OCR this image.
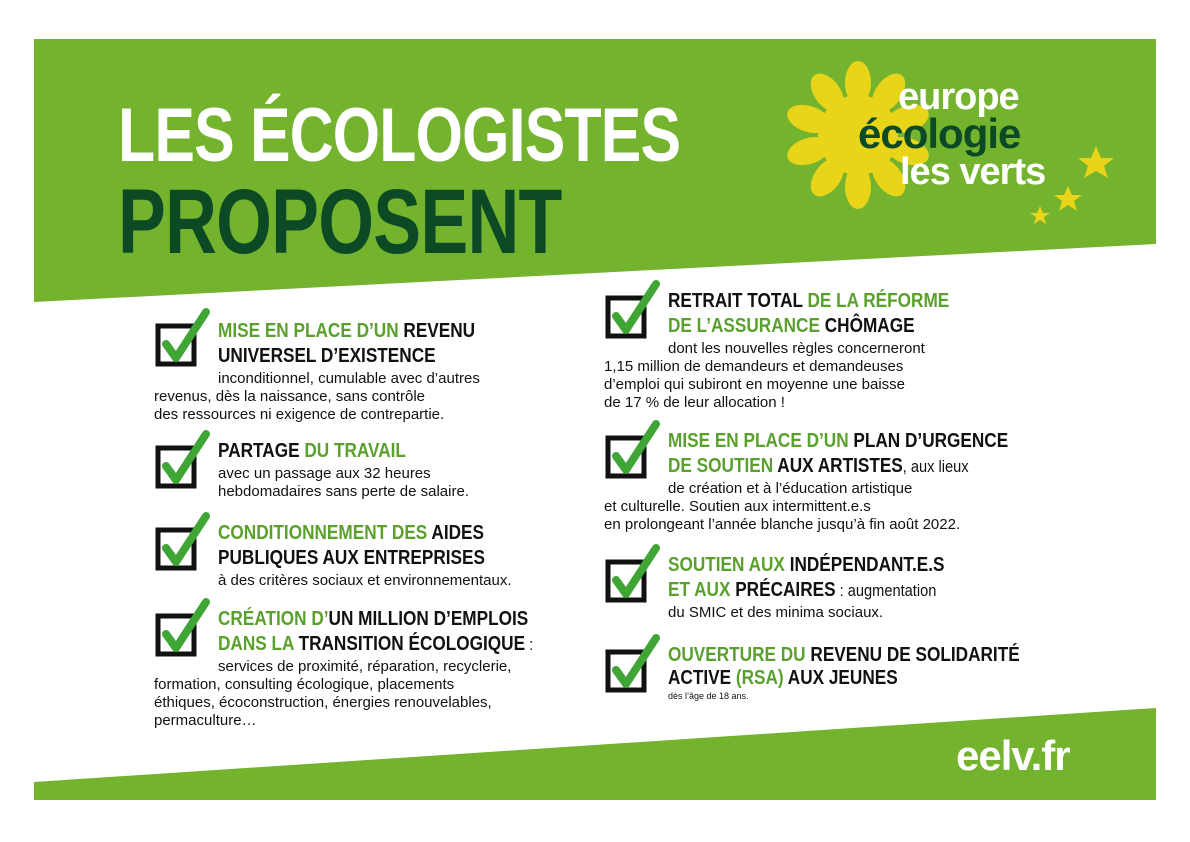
LES ÉCOLOGISTES
PROPOSENT
europe
écologie
les verts
MISE EN PLACE D’UN REVENU
UNIVERSEL D’EXISTENCE
inconditionnel, cumulable avec d’autres
revenus, dès la naissance, sans contrôle
des ressources ni exigence de contrepartie.
PARTAGE DU TRAVAIL
avec un passage aux 32 heures
hebdomadaires sans perte de salaire.
CONDITIONNEMENT DES AIDES
PUBLIQUES AUX ENTREPRISES
à des critères sociaux et environnementaux.
CRÉATION D’UN MILLION D’EMPLOIS
DANS LA TRANSITION ÉCOLOGIQUE :
services de proximité, réparation, recyclerie,
formation, consulting écologique, placements
éthiques, écoconstruction, énergies renouvelables,
permaculture…
RETRAIT TOTAL DE LA RÉFORME
DE L’ASSURANCE CHÔMAGE
dont les nouvelles règles concerneront
1,15 million de demandeurs et demandeuses
d’emploi qui subiront en moyenne une baisse
de 17 % de leur allocation !
MISE EN PLACE D’UN PLAN D’URGENCE
DE SOUTIEN AUX ARTISTES, aux lieux
de création et à l’éducation artistique
et culturelle. Soutien aux intermittent.e.s
en prolongeant l’année blanche jusqu’à fin août 2022.
SOUTIEN AUX INDÉPENDANT.E.S
ET AUX PRÉCAIRES : augmentation
du SMIC et des minima sociaux.
OUVERTURE DU REVENU DE SOLIDARITÉ
ACTIVE (RSA) AUX JEUNES
dès l’âge de 18 ans.
eelv.fr
